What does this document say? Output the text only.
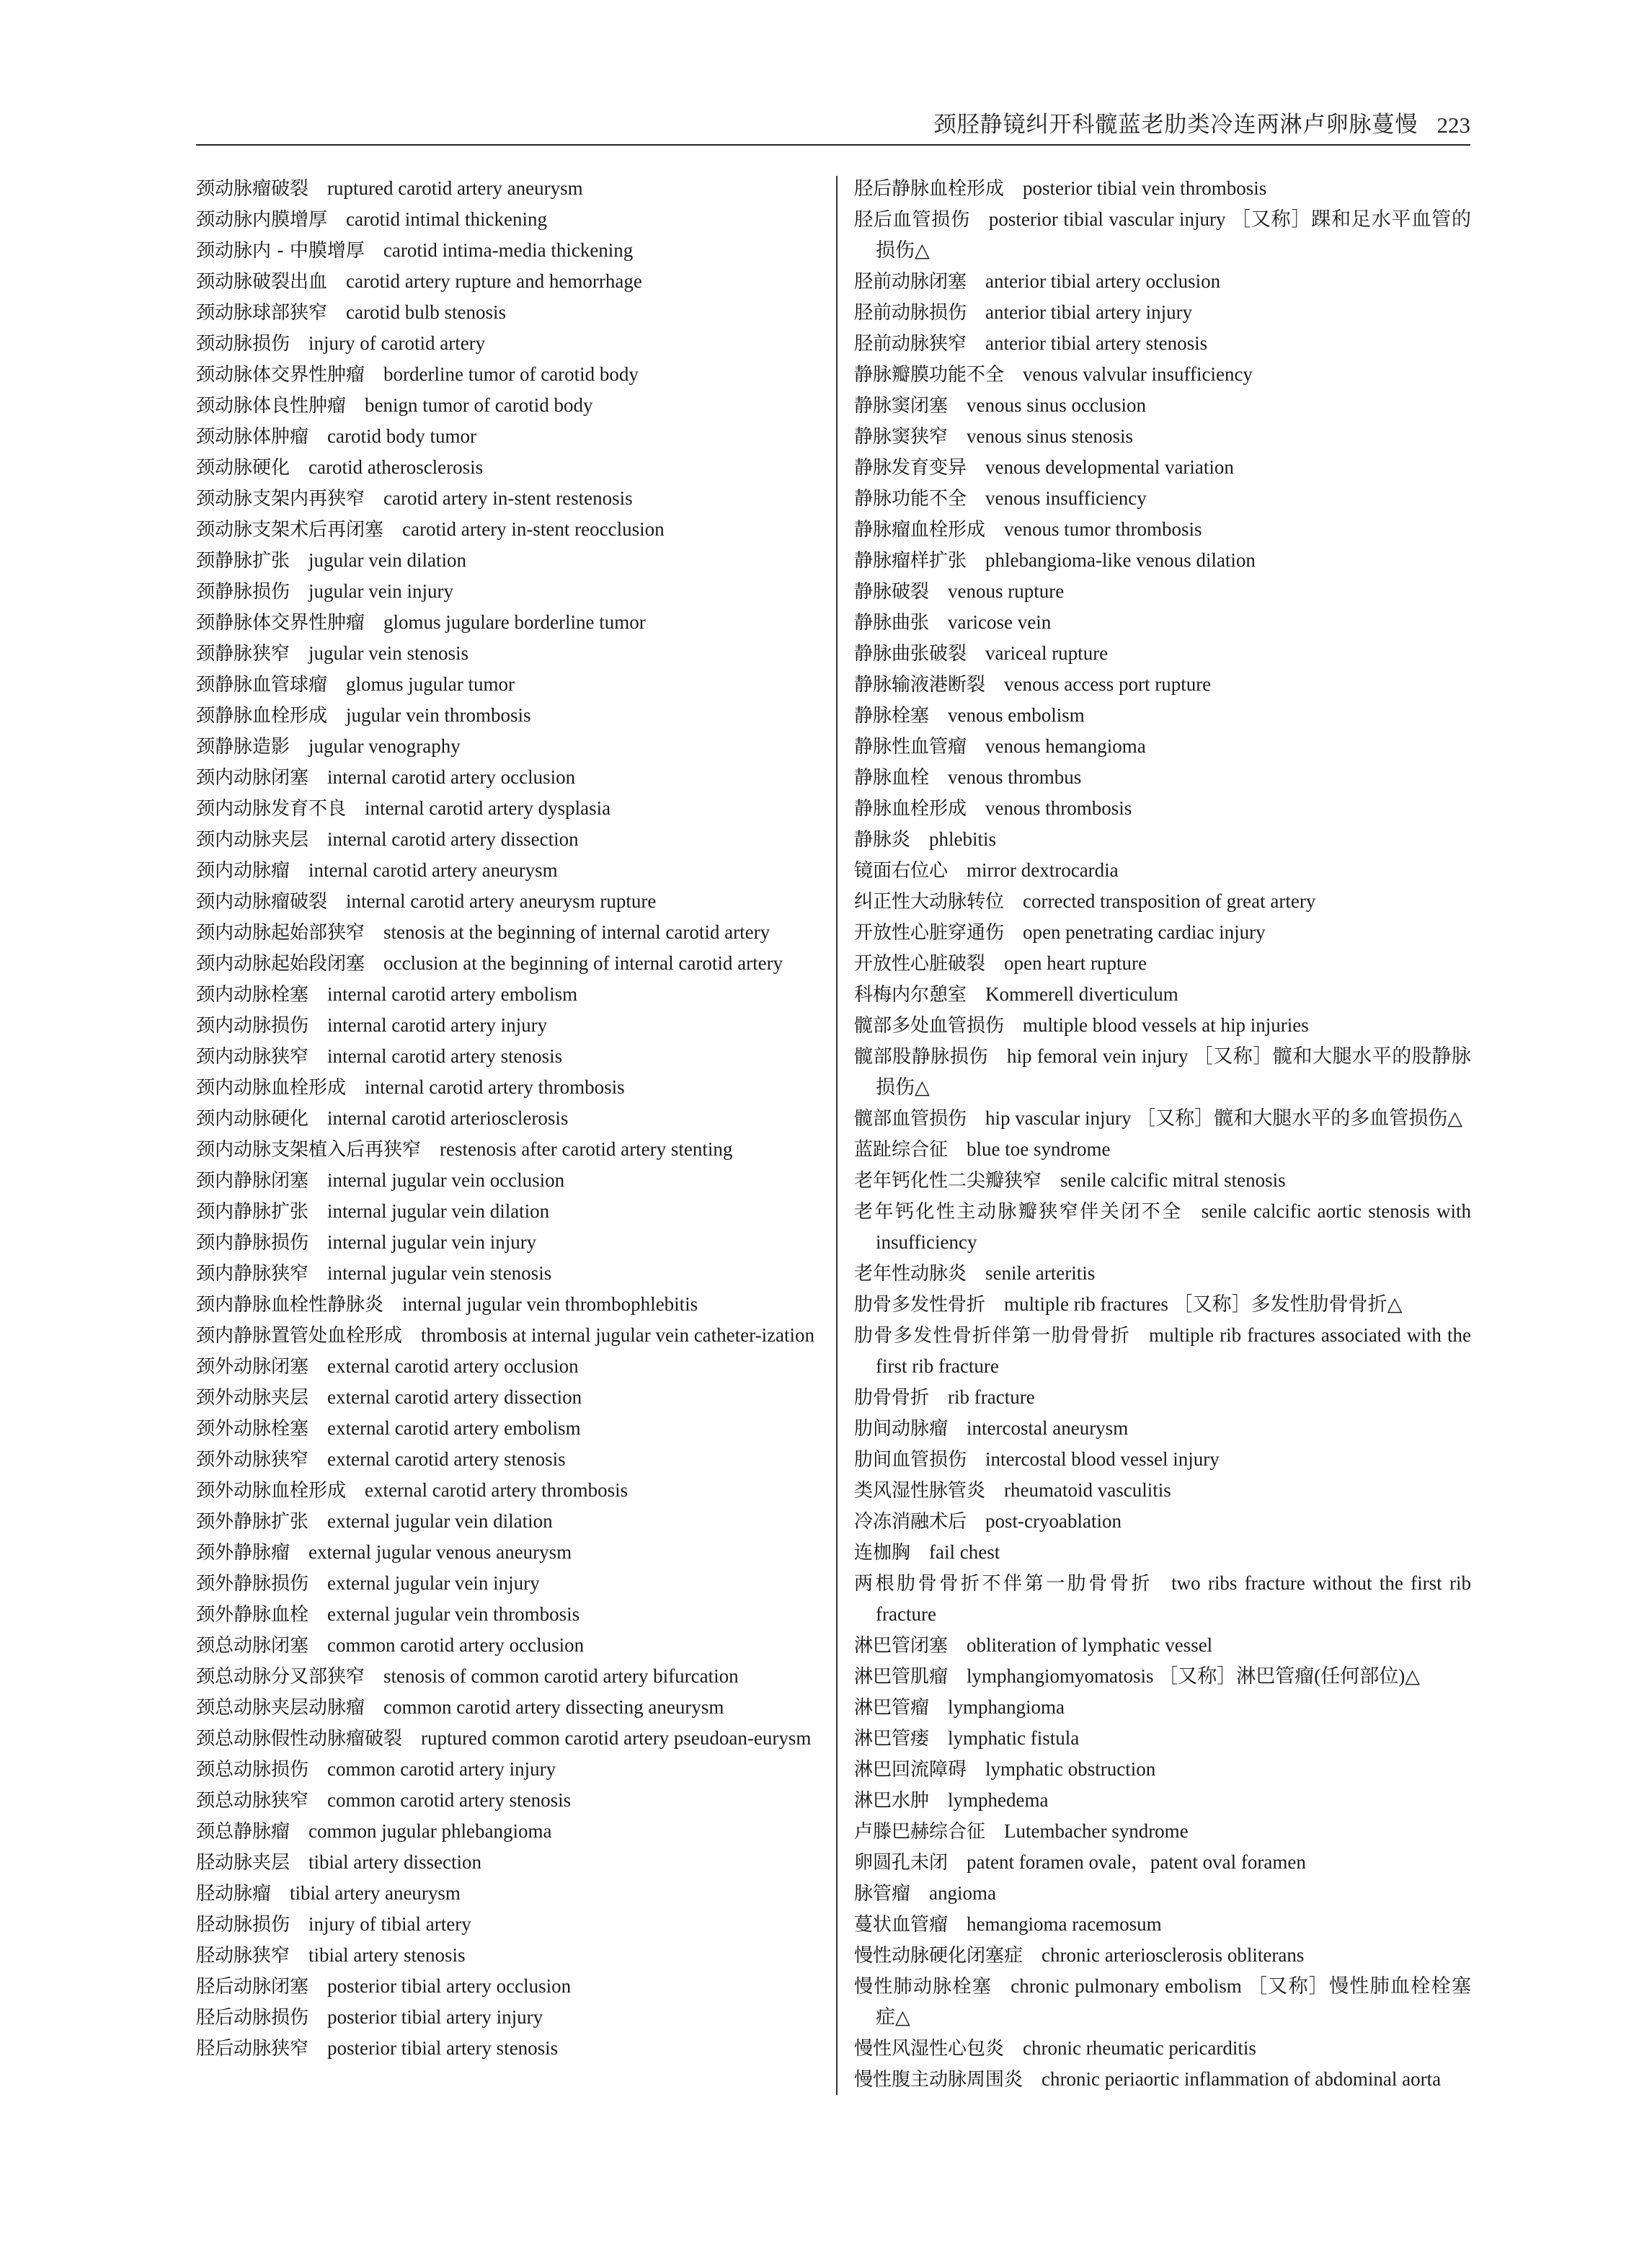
颈胫静镜纠开科髋蓝老肋类冷连两淋卢卵脉蔓慢 223
颈动脉瘤破裂 ruptured carotid artery aneurysm
颈动脉内膜增厚 carotid intimal thickening
颈动脉内 - 中膜增厚 carotid intima-media thickening
颈动脉破裂出血 carotid artery rupture and hemorrhage
颈动脉球部狭窄 carotid bulb stenosis
颈动脉损伤 injury of carotid artery
颈动脉体交界性肿瘤 borderline tumor of carotid body
颈动脉体良性肿瘤 benign tumor of carotid body
颈动脉体肿瘤 carotid body tumor
颈动脉硬化 carotid atherosclerosis
颈动脉支架内再狭窄 carotid artery in-stent restenosis
颈动脉支架术后再闭塞 carotid artery in-stent reocclusion
颈静脉扩张 jugular vein dilation
颈静脉损伤 jugular vein injury
颈静脉体交界性肿瘤 glomus jugulare borderline tumor
颈静脉狭窄 jugular vein stenosis
颈静脉血管球瘤 glomus jugular tumor
颈静脉血栓形成 jugular vein thrombosis
颈静脉造影 jugular venography
颈内动脉闭塞 internal carotid artery occlusion
颈内动脉发育不良 internal carotid artery dysplasia
颈内动脉夹层 internal carotid artery dissection
颈内动脉瘤 internal carotid artery aneurysm
颈内动脉瘤破裂 internal carotid artery aneurysm rupture
颈内动脉起始部狭窄 stenosis at the beginning of internal carotid artery
颈内动脉起始段闭塞 occlusion at the beginning of internal carotid artery
颈内动脉栓塞 internal carotid artery embolism
颈内动脉损伤 internal carotid artery injury
颈内动脉狭窄 internal carotid artery stenosis
颈内动脉血栓形成 internal carotid artery thrombosis
颈内动脉硬化 internal carotid arteriosclerosis
颈内动脉支架植入后再狭窄 restenosis after carotid artery stenting
颈内静脉闭塞 internal jugular vein occlusion
颈内静脉扩张 internal jugular vein dilation
颈内静脉损伤 internal jugular vein injury
颈内静脉狭窄 internal jugular vein stenosis
颈内静脉血栓性静脉炎 internal jugular vein thrombophlebitis
颈内静脉置管处血栓形成 thrombosis at internal jugular vein catheter-ization
颈外动脉闭塞 external carotid artery occlusion
颈外动脉夹层 external carotid artery dissection
颈外动脉栓塞 external carotid artery embolism
颈外动脉狭窄 external carotid artery stenosis
颈外动脉血栓形成 external carotid artery thrombosis
颈外静脉扩张 external jugular vein dilation
颈外静脉瘤 external jugular venous aneurysm
颈外静脉损伤 external jugular vein injury
颈外静脉血栓 external jugular vein thrombosis
颈总动脉闭塞 common carotid artery occlusion
颈总动脉分叉部狭窄 stenosis of common carotid artery bifurcation
颈总动脉夹层动脉瘤 common carotid artery dissecting aneurysm
颈总动脉假性动脉瘤破裂 ruptured common carotid artery pseudoan-eurysm
颈总动脉损伤 common carotid artery injury
颈总动脉狭窄 common carotid artery stenosis
颈总静脉瘤 common jugular phlebangioma
胫动脉夹层 tibial artery dissection
胫动脉瘤 tibial artery aneurysm
胫动脉损伤 injury of tibial artery
胫动脉狭窄 tibial artery stenosis
胫后动脉闭塞 posterior tibial artery occlusion
胫后动脉损伤 posterior tibial artery injury
胫后动脉狭窄 posterior tibial artery stenosis
胫后静脉血栓形成 posterior tibial vein thrombosis
胫后血管损伤 posterior tibial vascular injury ［又称］踝和足水平血管的损伤△
胫前动脉闭塞 anterior tibial artery occlusion
胫前动脉损伤 anterior tibial artery injury
胫前动脉狭窄 anterior tibial artery stenosis
静脉瓣膜功能不全 venous valvular insufficiency
静脉窦闭塞 venous sinus occlusion
静脉窦狭窄 venous sinus stenosis
静脉发育变异 venous developmental variation
静脉功能不全 venous insufficiency
静脉瘤血栓形成 venous tumor thrombosis
静脉瘤样扩张 phlebangioma-like venous dilation
静脉破裂 venous rupture
静脉曲张 varicose vein
静脉曲张破裂 variceal rupture
静脉输液港断裂 venous access port rupture
静脉栓塞 venous embolism
静脉性血管瘤 venous hemangioma
静脉血栓 venous thrombus
静脉血栓形成 venous thrombosis
静脉炎 phlebitis
镜面右位心 mirror dextrocardia
纠正性大动脉转位 corrected transposition of great artery
开放性心脏穿通伤 open penetrating cardiac injury
开放性心脏破裂 open heart rupture
科梅内尔憩室 Kommerell diverticulum
髋部多处血管损伤 multiple blood vessels at hip injuries
髋部股静脉损伤 hip femoral vein injury ［又称］髋和大腿水平的股静脉损伤△
髋部血管损伤 hip vascular injury ［又称］髋和大腿水平的多血管损伤△
蓝趾综合征 blue toe syndrome
老年钙化性二尖瓣狭窄 senile calcific mitral stenosis
老年钙化性主动脉瓣狭窄伴关闭不全 senile calcific aortic stenosis with insufficiency
老年性动脉炎 senile arteritis
肋骨多发性骨折 multiple rib fractures ［又称］多发性肋骨骨折△
肋骨多发性骨折伴第一肋骨骨折 multiple rib fractures associated with the first rib fracture
肋骨骨折 rib fracture
肋间动脉瘤 intercostal aneurysm
肋间血管损伤 intercostal blood vessel injury
类风湿性脉管炎 rheumatoid vasculitis
冷冻消融术后 post-cryoablation
连枷胸 fail chest
两根肋骨骨折不伴第一肋骨骨折 two ribs fracture without the first rib fracture
淋巴管闭塞 obliteration of lymphatic vessel
淋巴管肌瘤 lymphangiomyomatosis ［又称］淋巴管瘤(任何部位)△
淋巴管瘤 lymphangioma
淋巴管瘘 lymphatic fistula
淋巴回流障碍 lymphatic obstruction
淋巴水肿 lymphedema
卢滕巴赫综合征 Lutembacher syndrome
卵圆孔未闭 patent foramen ovale，patent oval foramen
脉管瘤 angioma
蔓状血管瘤 hemangioma racemosum
慢性动脉硬化闭塞症 chronic arteriosclerosis obliterans
慢性肺动脉栓塞 chronic pulmonary embolism ［又称］慢性肺血栓栓塞症△
慢性风湿性心包炎 chronic rheumatic pericarditis
慢性腹主动脉周围炎 chronic periaortic inflammation of abdominal aorta
